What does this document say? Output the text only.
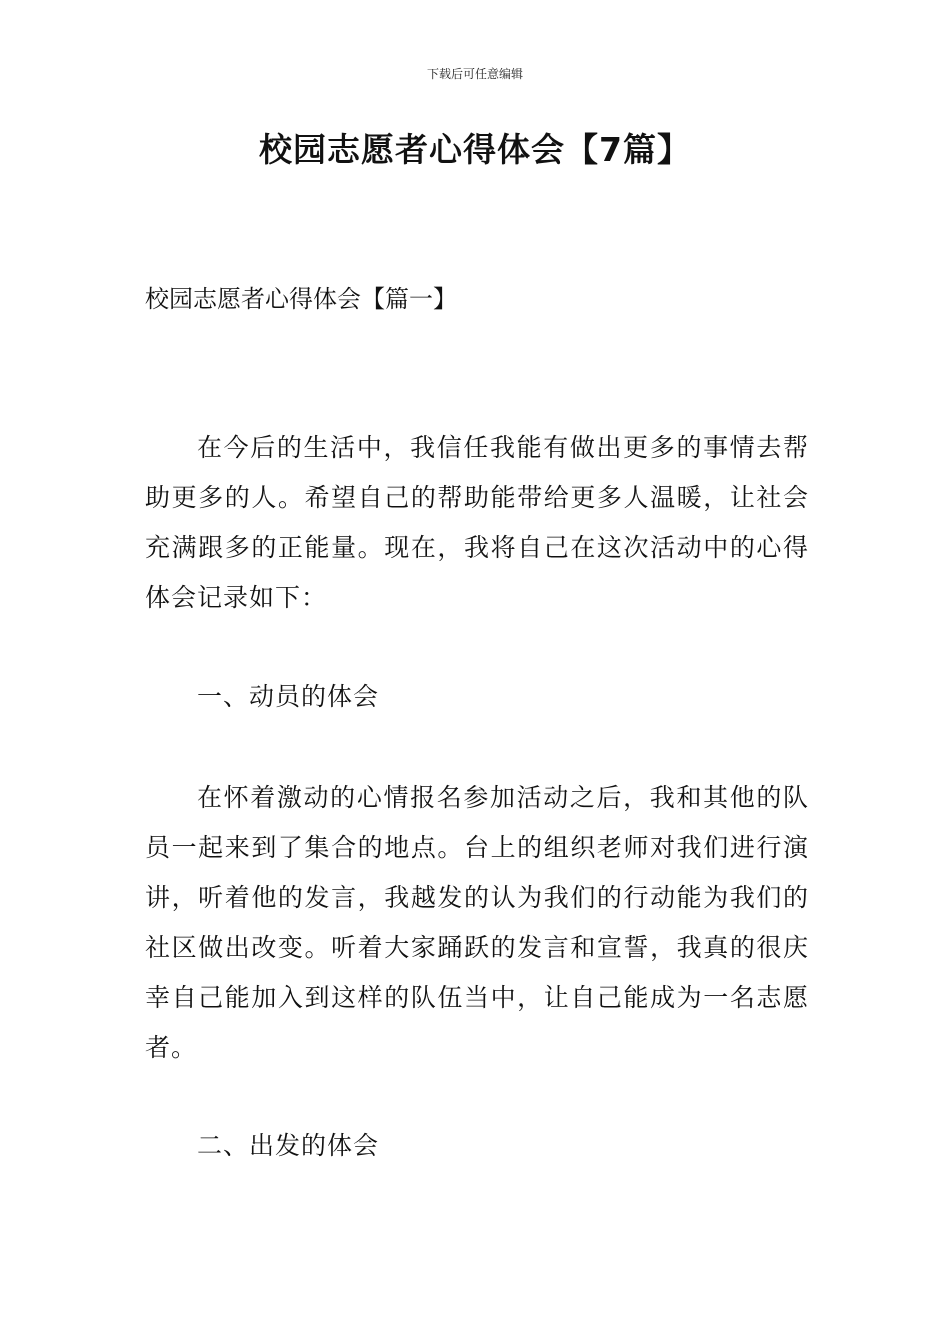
下载后可任意编辑
校园志愿者心得体会【7篇】
校园志愿者心得体会【篇一】

在今后的生活中，我信任我能有做出更多的事情去帮助更多的人。希望自己的帮助能带给更多人温暖，让社会充满跟多的正能量。现在，我将自己在这次活动中的心得体会记录如下：

一、动员的体会

在怀着激动的心情报名参加活动之后，我和其他的队员一起来到了集合的地点。台上的组织老师对我们进行演讲，听着他的发言，我越发的认为我们的行动能为我们的社区做出改变。听着大家踊跃的发言和宣誓，我真的很庆幸自己能加入到这样的队伍当中，让自己能成为一名志愿者。

二、出发的体会
